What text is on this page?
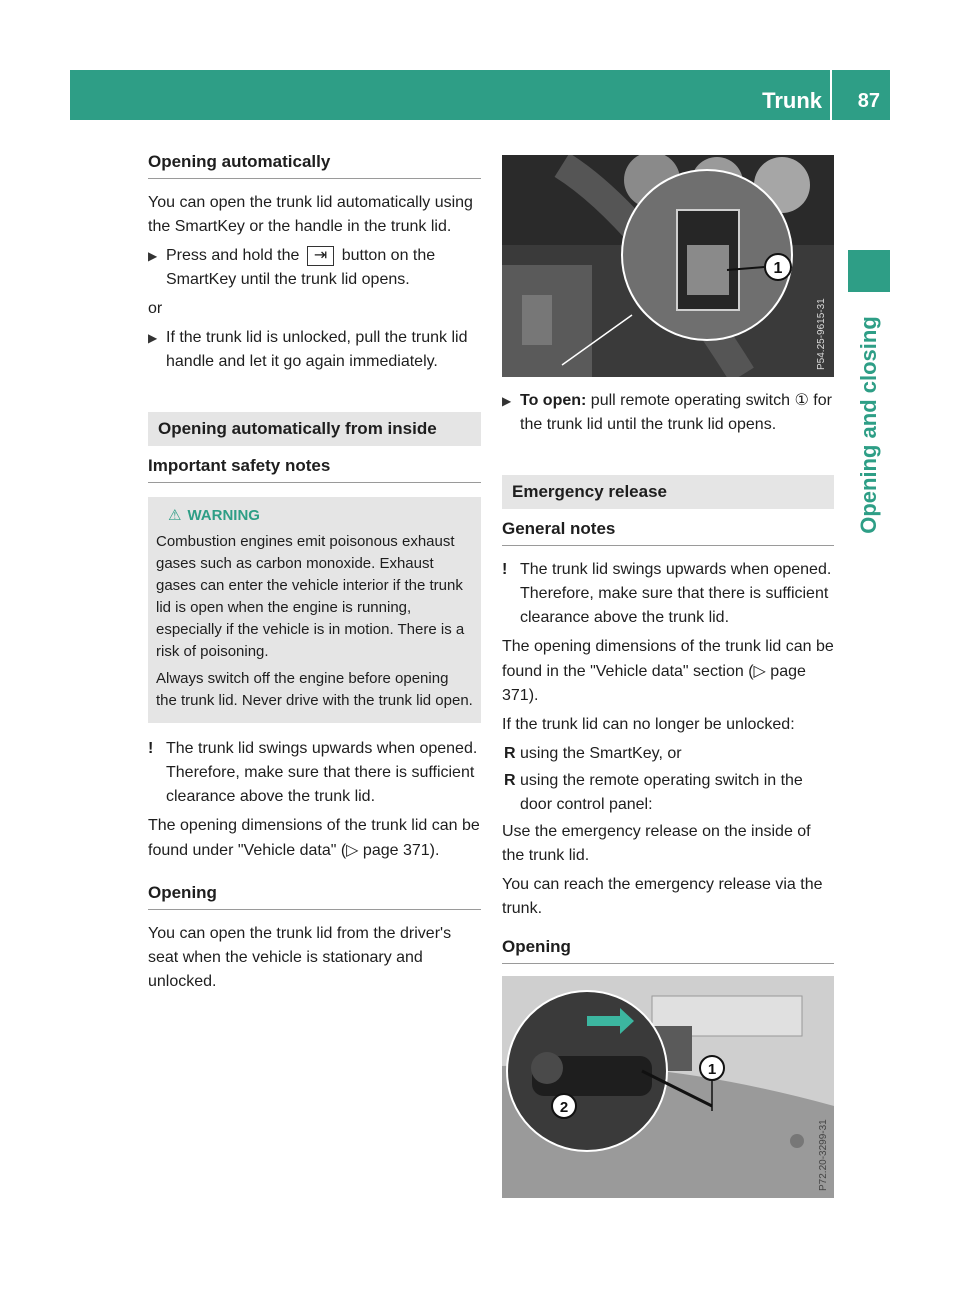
Trunk 87
Opening and closing
Opening automatically

You can open the trunk lid automatically using the SmartKey or the handle in the trunk lid.

▶ Press and hold the ⇥ button on the SmartKey until the trunk lid opens.

or

▶ If the trunk lid is unlocked, pull the trunk lid handle and let it go again immediately.
Opening automatically from inside
Important safety notes
⚠ WARNING

Combustion engines emit poisonous exhaust gases such as carbon monoxide. Exhaust gases can enter the vehicle interior if the trunk lid is open when the engine is running, especially if the vehicle is in motion. There is a risk of poisoning.

Always switch off the engine before opening the trunk lid. Never drive with the trunk lid open.

! The trunk lid swings upwards when opened. Therefore, make sure that there is sufficient clearance above the trunk lid.

The opening dimensions of the trunk lid can be found under "Vehicle data" (▷ page 371).

Opening

You can open the trunk lid from the driver's seat when the vehicle is stationary and unlocked.

1
P54.25-9615-31
▶ To open: pull remote operating switch ① for the trunk lid until the trunk lid opens.
Emergency release
General notes
! The trunk lid swings upwards when opened. Therefore, make sure that there is sufficient clearance above the trunk lid.

The opening dimensions of the trunk lid can be found in the "Vehicle data" section (▷ page 371).

If the trunk lid can no longer be unlocked:

R using the SmartKey, or
R using the remote operating switch in the door control panel:

Use the emergency release on the inside of the trunk lid.

You can reach the emergency release via the trunk.

Opening
1
2
P72.20-3299-31
